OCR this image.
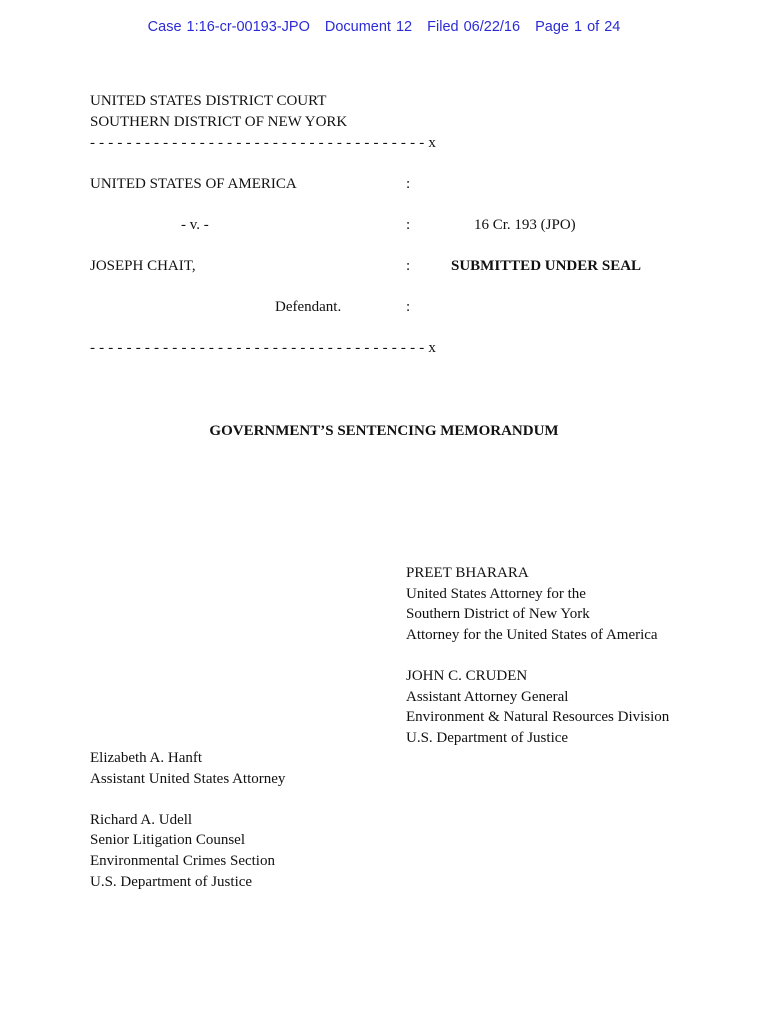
Case 1:16-cr-00193-JPO Document 12 Filed 06/22/16 Page 1 of 24
UNITED STATES DISTRICT COURT
SOUTHERN DISTRICT OF NEW YORK
- - - - - - - - - - - - - - - - - - - - - - - - - - - - - - - - - - - - - x
UNITED STATES OF AMERICA	:
- v. -	:	16 Cr. 193 (JPO)
JOSEPH CHAIT,	:	SUBMITTED UNDER SEAL
Defendant.	:
- - - - - - - - - - - - - - - - - - - - - - - - - - - - - - - - - - - - - x
GOVERNMENT’S SENTENCING MEMORANDUM
PREET BHARARA
United States Attorney for the
Southern District of New York
Attorney for the United States of America
JOHN C. CRUDEN
Assistant Attorney General
Environment & Natural Resources Division
U.S. Department of Justice
Elizabeth A. Hanft
Assistant United States Attorney
Richard A. Udell
Senior Litigation Counsel
Environmental Crimes Section
U.S. Department of Justice
